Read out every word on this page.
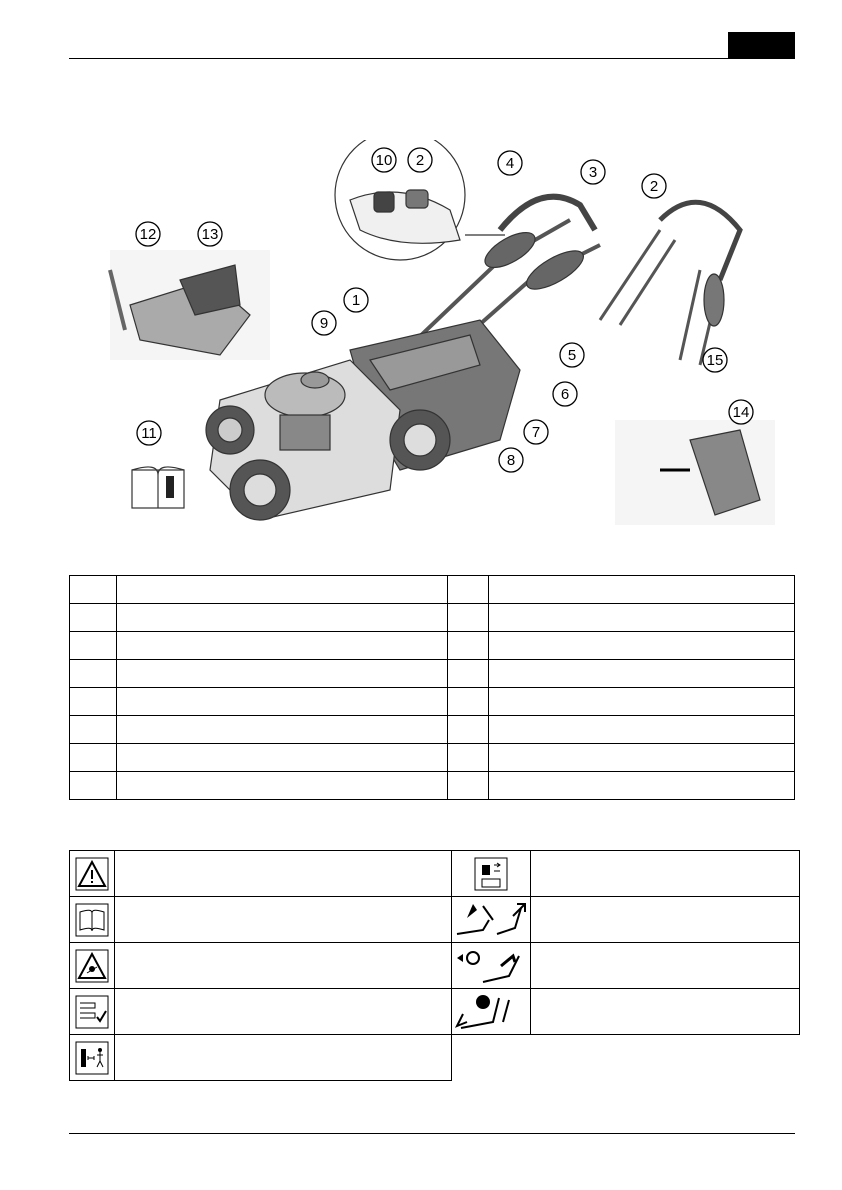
10 2	4
3
2
12	13
1
9
5	15
6
7
11
8
14
